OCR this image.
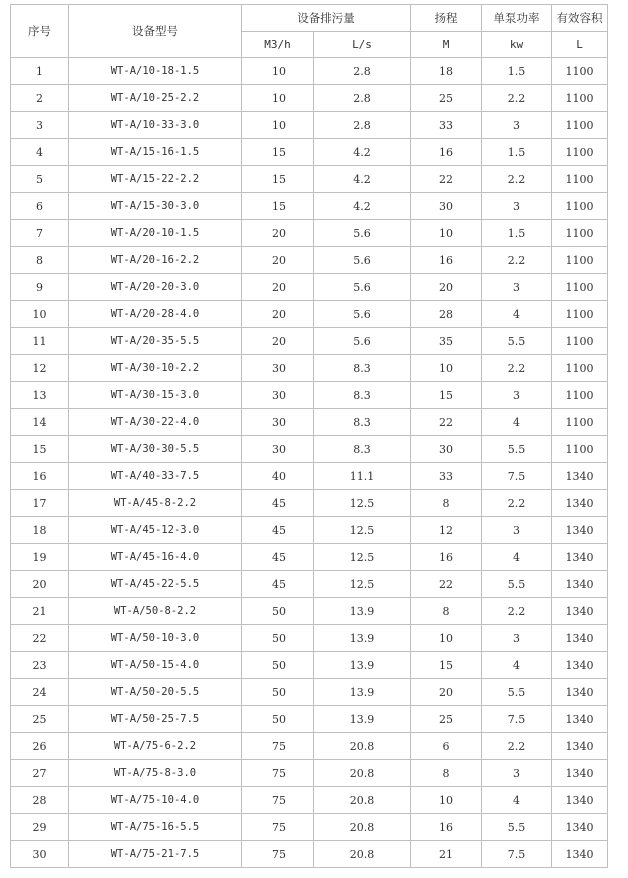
序号	设备型号	设备排污量		扬程	单泵功率	有效容积
		M3/h	L/s	M	kw	L
1	WT-A/10-18-1.5	10	2.8	18	1.5	1100
2	WT-A/10-25-2.2	10	2.8	25	2.2	1100
3	WT-A/10-33-3.0	10	2.8	33	3	1100
4	WT-A/15-16-1.5	15	4.2	16	1.5	1100
5	WT-A/15-22-2.2	15	4.2	22	2.2	1100
6	WT-A/15-30-3.0	15	4.2	30	3	1100
7	WT-A/20-10-1.5	20	5.6	10	1.5	1100
8	WT-A/20-16-2.2	20	5.6	16	2.2	1100
9	WT-A/20-20-3.0	20	5.6	20	3	1100
10	WT-A/20-28-4.0	20	5.6	28	4	1100
11	WT-A/20-35-5.5	20	5.6	35	5.5	1100
12	WT-A/30-10-2.2	30	8.3	10	2.2	1100
13	WT-A/30-15-3.0	30	8.3	15	3	1100
14	WT-A/30-22-4.0	30	8.3	22	4	1100
15	WT-A/30-30-5.5	30	8.3	30	5.5	1100
16	WT-A/40-33-7.5	40	11.1	33	7.5	1340
17	WT-A/45-8-2.2	45	12.5	8	2.2	1340
18	WT-A/45-12-3.0	45	12.5	12	3	1340
19	WT-A/45-16-4.0	45	12.5	16	4	1340
20	WT-A/45-22-5.5	45	12.5	22	5.5	1340
21	WT-A/50-8-2.2	50	13.9	8	2.2	1340
22	WT-A/50-10-3.0	50	13.9	10	3	1340
23	WT-A/50-15-4.0	50	13.9	15	4	1340
24	WT-A/50-20-5.5	50	13.9	20	5.5	1340
25	WT-A/50-25-7.5	50	13.9	25	7.5	1340
26	WT-A/75-6-2.2	75	20.8	6	2.2	1340
27	WT-A/75-8-3.0	75	20.8	8	3	1340
28	WT-A/75-10-4.0	75	20.8	10	4	1340
29	WT-A/75-16-5.5	75	20.8	16	5.5	1340
30	WT-A/75-21-7.5	75	20.8	21	7.5	1340
